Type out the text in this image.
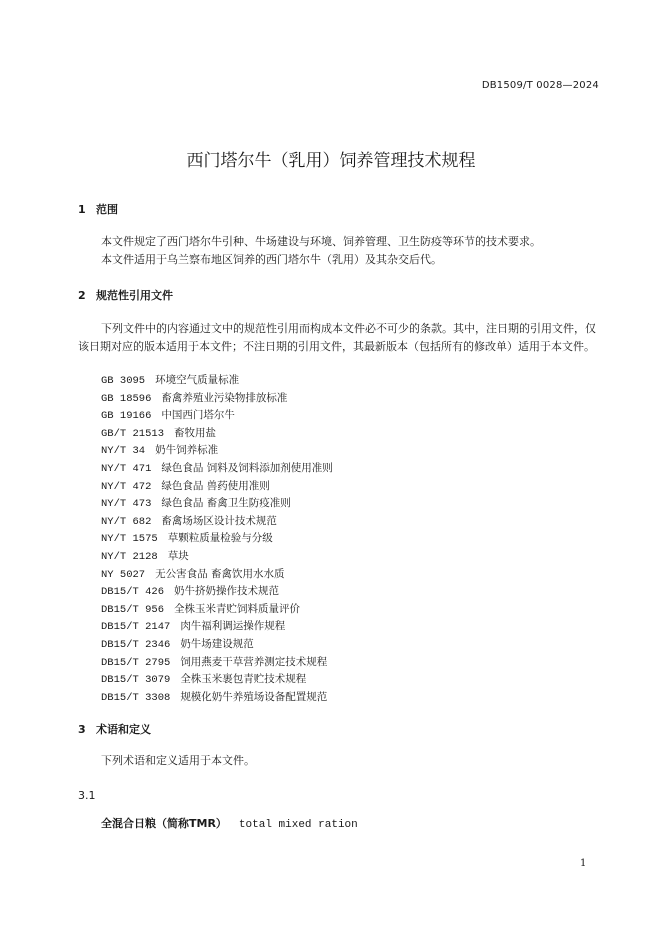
DB1509/T 0028—2024
西门塔尔牛（乳用）饲养管理技术规程
1 范围
本文件规定了西门塔尔牛引种、牛场建设与环境、饲养管理、卫生防疫等环节的技术要求。
本文件适用于乌兰察布地区饲养的西门塔尔牛（乳用）及其杂交后代。
2 规范性引用文件
下列文件中的内容通过文中的规范性引用而构成本文件必不可少的条款。其中，注日期的引用文件，仅该日期对应的版本适用于本文件；不注日期的引用文件，其最新版本（包括所有的修改单）适用于本文件。
GB 3095 环境空气质量标准
GB 18596 畜禽养殖业污染物排放标准
GB 19166 中国西门塔尔牛
GB/T 21513 畜牧用盐
NY/T 34 奶牛饲养标准
NY/T 471 绿色食品 饲料及饲料添加剂使用准则
NY/T 472 绿色食品 兽药使用准则
NY/T 473 绿色食品 畜禽卫生防疫准则
NY/T 682 畜禽场场区设计技术规范
NY/T 1575 草颗粒质量检验与分级
NY/T 2128 草块
NY 5027 无公害食品 畜禽饮用水水质
DB15/T 426 奶牛挤奶操作技术规范
DB15/T 956 全株玉米青贮饲料质量评价
DB15/T 2147 肉牛福利调运操作规程
DB15/T 2346 奶牛场建设规范
DB15/T 2795 饲用燕麦干草营养测定技术规程
DB15/T 3079 全株玉米裹包青贮技术规程
DB15/T 3308 规模化奶牛养殖场设备配置规范
3 术语和定义
下列术语和定义适用于本文件。
3.1
全混合日粮（简称TMR） total mixed ration
1
